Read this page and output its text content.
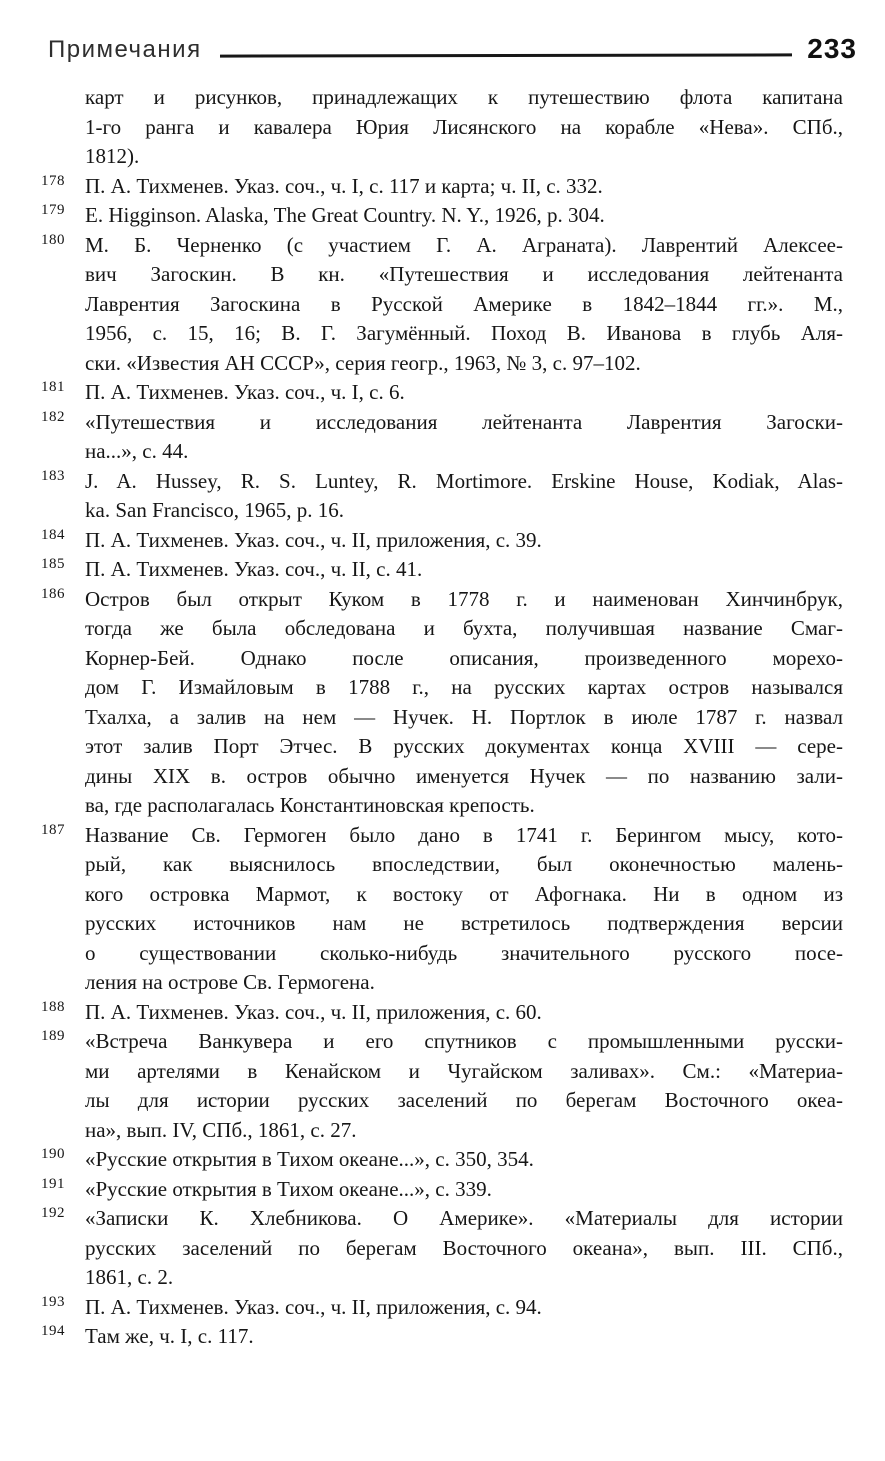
Примечания	233
карт и рисунков, принадлежащих к путешествию флота капитана
1-го ранга и кавалера Юрия Лисянского на корабле «Нева». СПб.,
1812).
178 П. А. Тихменев. Указ. соч., ч. I, с. 117 и карта; ч. II, с. 332.
179 E. Higginson. Alaska, The Great Country. N. Y., 1926, p. 304.
180 М. Б. Черненко (с участием Г. А. Аграната). Лаврентий Алексее-
вич Загоскин. В кн. «Путешествия и исследования лейтенанта
Лаврентия Загоскина в Русской Америке в 1842–1844 гг.». М.,
1956, с. 15, 16; В. Г. Загумённый. Поход В. Иванова в глубь Аля-
ски. «Известия АН СССР», серия геогр., 1963, № 3, с. 97–102.
181 П. А. Тихменев. Указ. соч., ч. I, с. 6.
182 «Путешествия и исследования лейтенанта Лаврентия Загоски-
на...», с. 44.
183 J. A. Hussey, R. S. Luntey, R. Mortimore. Erskine House, Kodiak, Alas-
ka. San Francisco, 1965, p. 16.
184 П. А. Тихменев. Указ. соч., ч. II, приложения, с. 39.
185 П. А. Тихменев. Указ. соч., ч. II, с. 41.
186 Остров был открыт Куком в 1778 г. и наименован Хинчинбрук,
тогда же была обследована и бухта, получившая название Смаг-
Корнер-Бей. Однако после описания, произведенного морехо-
дом Г. Измайловым в 1788 г., на русских картах остров назывался
Тхалха, а залив на нем — Нучек. Н. Портлок в июле 1787 г. назвал
этот залив Порт Этчес. В русских документах конца XVIII — сере-
дины XIX в. остров обычно именуется Нучек — по названию зали-
ва, где располагалась Константиновская крепость.
187 Название Св. Гермоген было дано в 1741 г. Берингом мысу, кото-
рый, как выяснилось впоследствии, был оконечностью малень-
кого островка Мармот, к востоку от Афогнака. Ни в одном из
русских источников нам не встретилось подтверждения версии
о существовании сколько-нибудь значительного русского посе-
ления на острове Св. Гермогена.
188 П. А. Тихменев. Указ. соч., ч. II, приложения, с. 60.
189 «Встреча Ванкувера и его спутников с промышленными русски-
ми артелями в Кенайском и Чугайском заливах». См.: «Материа-
лы для истории русских заселений по берегам Восточного океа-
на», вып. IV, СПб., 1861, с. 27.
190 «Русские открытия в Тихом океане...», с. 350, 354.
191 «Русские открытия в Тихом океане...», с. 339.
192 «Записки К. Хлебникова. О Америке». «Материалы для истории
русских заселений по берегам Восточного океана», вып. III. СПб.,
1861, с. 2.
193 П. А. Тихменев. Указ. соч., ч. II, приложения, с. 94.
194 Там же, ч. I, с. 117.
